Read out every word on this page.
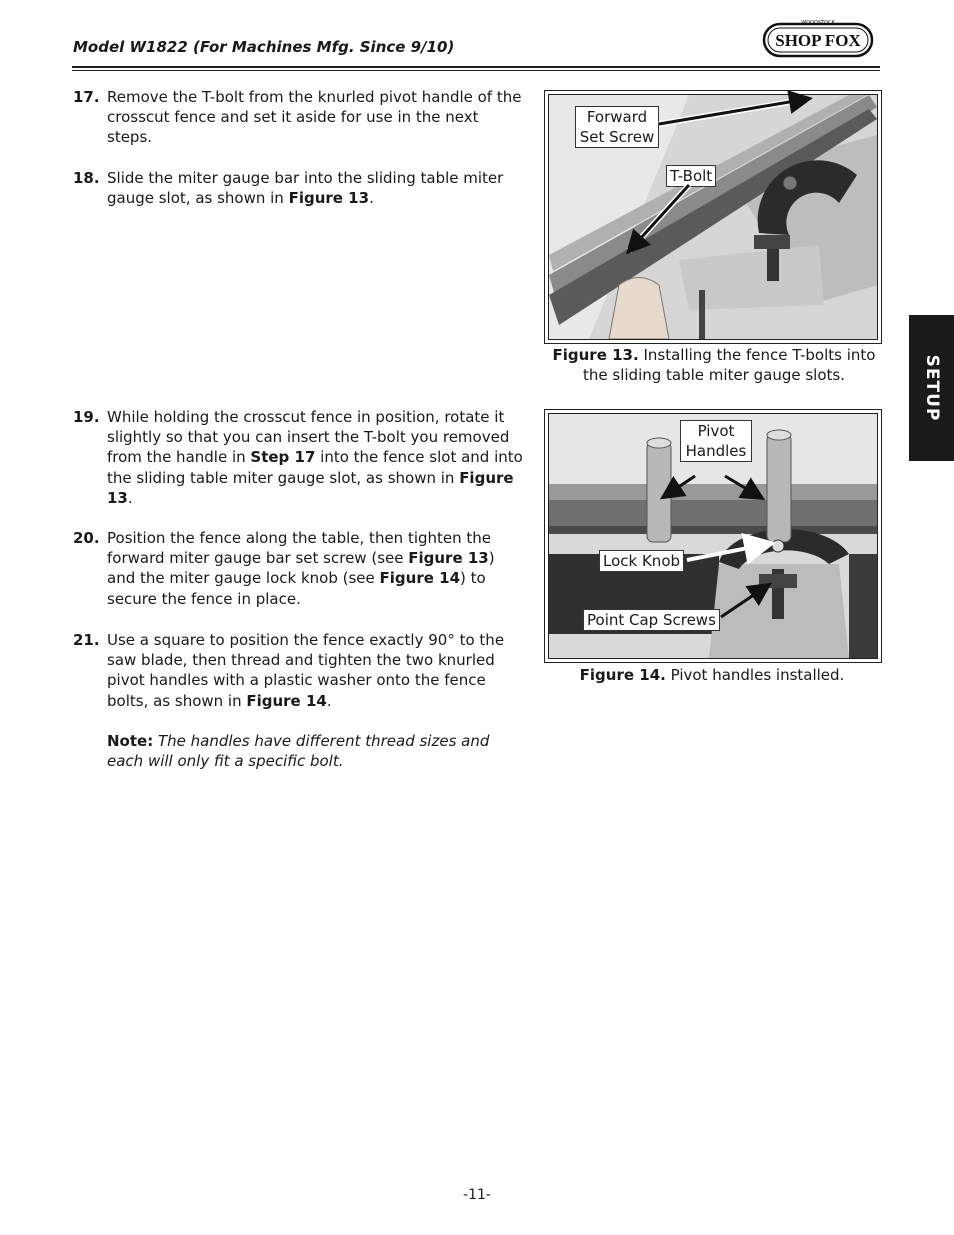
Model W1822 (For Machines Mfg. Since 9/10)	SHOP FOX
WOODSTOCK
17. Remove the T-bolt from the knurled pivot handle of the crosscut fence and set it aside for use in the next steps.
18. Slide the miter gauge bar into the sliding table miter gauge slot, as shown in Figure 13.
19. While holding the crosscut fence in position, rotate it slightly so that you can insert the T-bolt you removed from the handle in Step 17 into the fence slot and into the sliding table miter gauge slot, as shown in Figure 13.
20. Position the fence along the table, then tighten the forward miter gauge bar set screw (see Figure 13) and the miter gauge lock knob (see Figure 14) to secure the fence in place.
21. Use a square to position the fence exactly 90° to the saw blade, then thread and tighten the two knurled pivot handles with a plastic washer onto the fence bolts, as shown in Figure 14.
Note: The handles have different thread sizes and each will only fit a specific bolt.
Forward
Set Screw
T-Bolt
Figure 13. Installing the fence T-bolts into the sliding table miter gauge slots.
Pivot
Handles
Lock Knob
Point Cap Screws
Figure 14. Pivot handles installed.
SETUP
-11-
